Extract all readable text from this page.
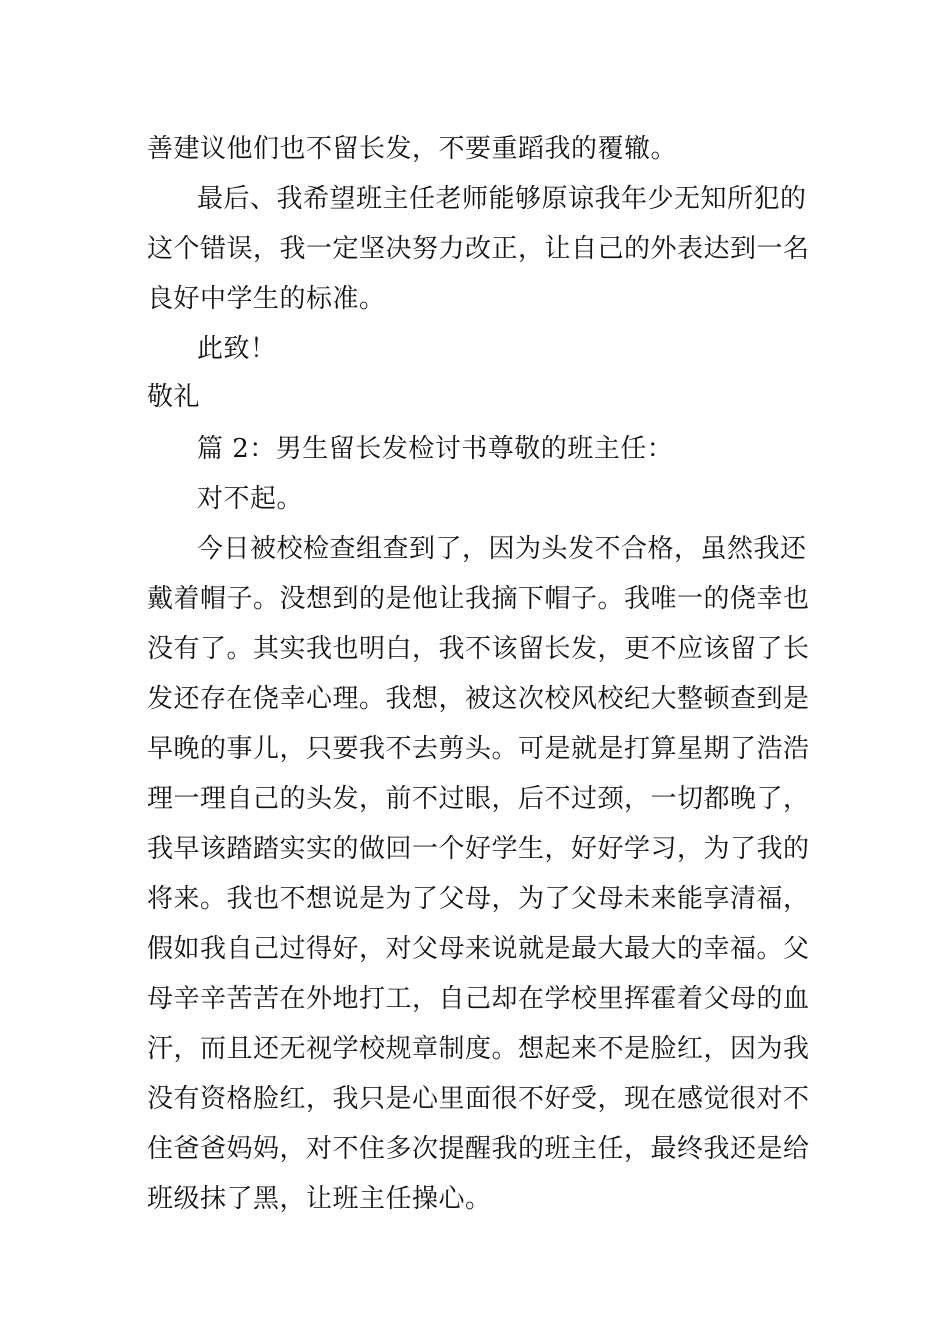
善建议他们也不留长发，不要重蹈我的覆辙。
最后、我希望班主任老师能够原谅我年少无知所犯的
这个错误，我一定坚决努力改正，让自己的外表达到一名
良好中学生的标准。
此致！
敬礼
篇 2：男生留长发检讨书尊敬的班主任：
对不起。
今日被校检查组查到了，因为头发不合格，虽然我还
戴着帽子。没想到的是他让我摘下帽子。我唯一的侥幸也
没有了。其实我也明白，我不该留长发，更不应该留了长
发还存在侥幸心理。我想，被这次校风校纪大整顿查到是
早晚的事儿，只要我不去剪头。可是就是打算星期了浩浩
理一理自己的头发，前不过眼，后不过颈，一切都晚了，
我早该踏踏实实的做回一个好学生，好好学习，为了我的
将来。我也不想说是为了父母，为了父母未来能享清福，
假如我自己过得好，对父母来说就是最大最大的幸福。父
母辛辛苦苦在外地打工，自己却在学校里挥霍着父母的血
汗，而且还无视学校规章制度。想起来不是脸红，因为我
没有资格脸红，我只是心里面很不好受，现在感觉很对不
住爸爸妈妈，对不住多次提醒我的班主任，最终我还是给
班级抹了黑，让班主任操心。
